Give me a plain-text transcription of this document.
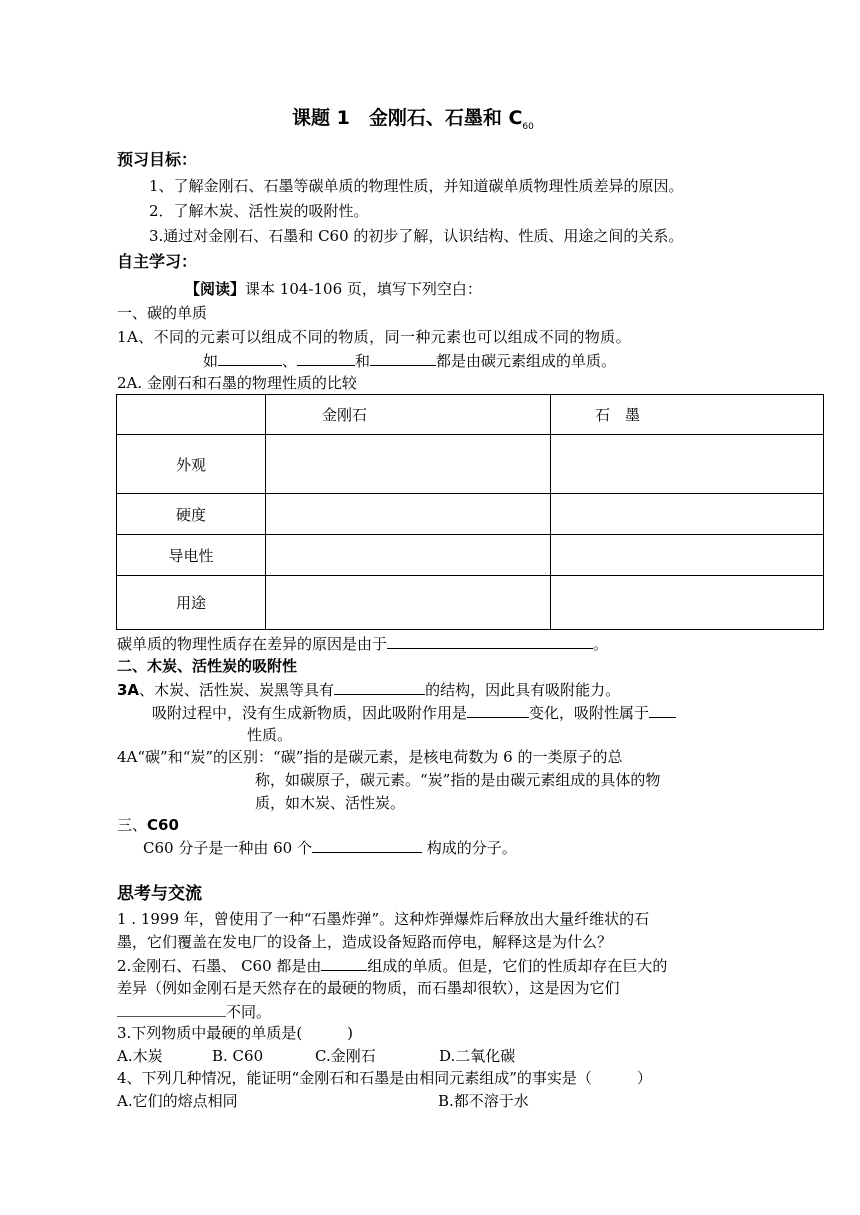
课题 1　金刚石、石墨和 $C_{60}$
预习目标：
1、了解金刚石、石墨等碳单质的物理性质，并知道碳单质物理性质差异的原因。
2．了解木炭、活性炭的吸附性。
3.通过对金刚石、石墨和 C60 的初步了解，认识结构、性质、用途之间的关系。
自主学习：
【阅读】课本 104-106 页，填写下列空白：
一、碳的单质
1A、不同的元素可以组成不同的物质，同一种元素也可以组成不同的物质。
如	、	和	都是由碳元素组成的单质。
2A. 金刚石和石墨的物理性质的比较
	金刚石	石　墨
外观		
硬度		
导电性		
用途		
碳单质的物理性质存在差异的原因是由于	。
二、木炭、活性炭的吸附性
3A、木炭、活性炭、炭黑等具有	的结构，因此具有吸附能力。
吸附过程中，没有生成新物质，因此吸附作用是	变化，吸附性属于
性质。
4A“碳”和“炭”的区别：“碳”指的是碳元素，是核电荷数为 6 的一类原子的总
称，如碳原子，碳元素。“炭”指的是由碳元素组成的具体的物
质，如木炭、活性炭。
三、C60
C60 分子是一种由 60 个	构成的分子。
思考与交流
1 . 1999 年，曾使用了一种“石墨炸弹”。这种炸弹爆炸后释放出大量纤维状的石
墨，它们覆盖在发电厂的设备上，造成设备短路而停电，解释这是为什么？
2.金刚石、石墨、 C60 都是由	组成的单质。但是，它们的性质却存在巨大的
差异（例如金刚石是天然存在的最硬的物质，而石墨却很软），这是因为它们
不同。
3.下列物质中最硬的单质是(　　　)
A.木炭	B. C60	C.金刚石	D.二氧化碳
4、下列几种情况，能证明“金刚石和石墨是由相同元素组成”的事实是（　　　）
A.它们的熔点相同	B.都不溶于水
